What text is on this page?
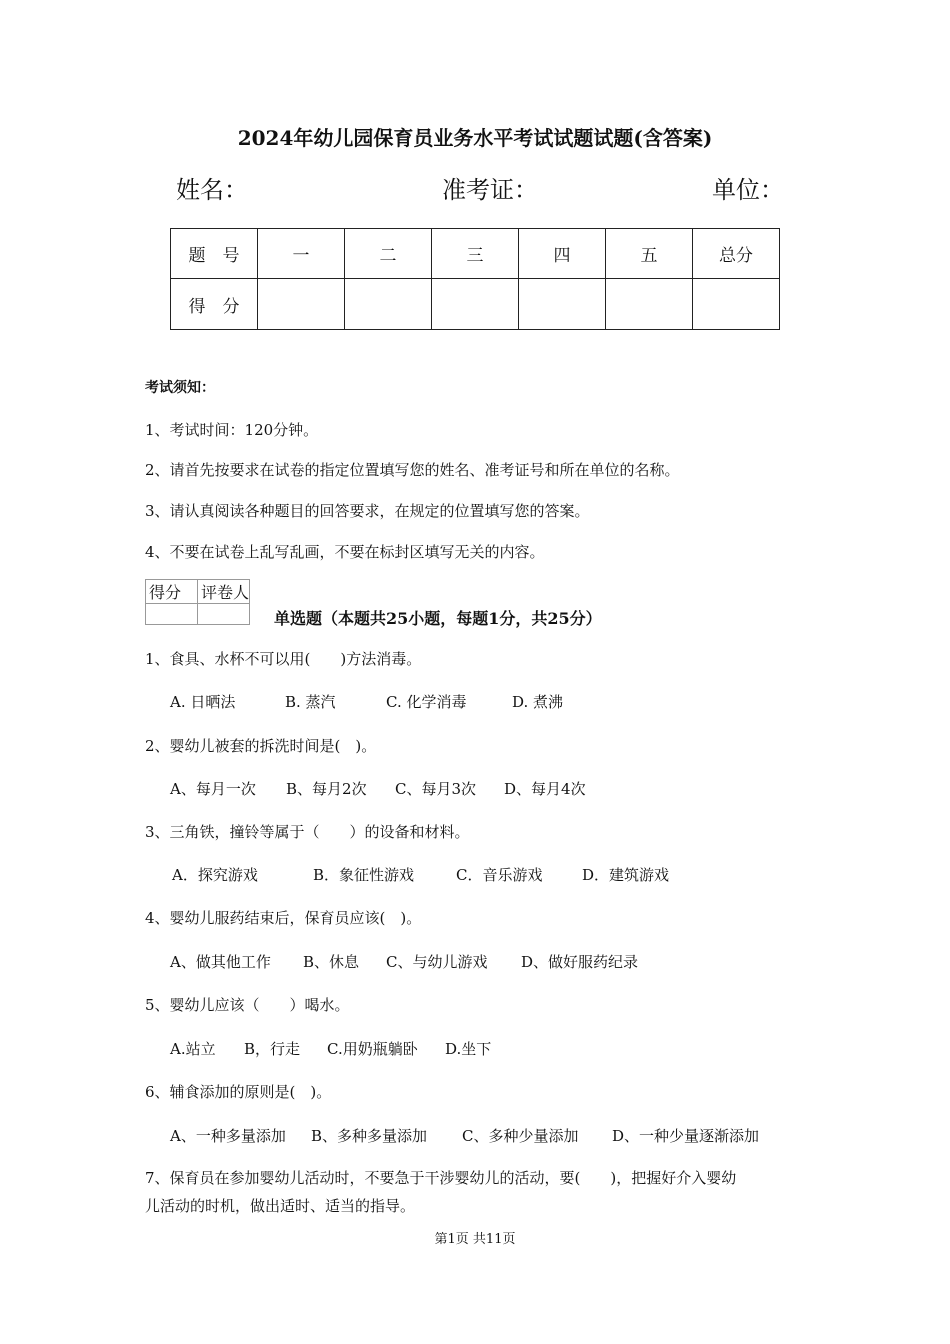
2024年幼儿园保育员业务水平考试试题试题(含答案)
姓名：	准考证：	单位：
题　号	一	二	三	四	五	总分
得　分						
考试须知：
1、考试时间：120分钟。
2、请首先按要求在试卷的指定位置填写您的姓名、准考证号和所在单位的名称。
3、请认真阅读各种题目的回答要求，在规定的位置填写您的答案。
4、不要在试卷上乱写乱画，不要在标封区填写无关的内容。
得分	评卷人

单选题（本题共25小题，每题1分，共25分）
1、食具、水杯不可以用(　　)方法消毒。
A. 日晒法	B. 蒸汽	C. 化学消毒	D. 煮沸
2、婴幼儿被套的拆洗时间是(　)。
A、每月一次 B、每月2次 C、每月3次 D、每月4次
3、三角铁，撞铃等属于（　　）的设备和材料。
A．探究游戏	B．象征性游戏	C．音乐游戏	D．建筑游戏
4、婴幼儿服药结束后，保育员应该(　)。
A、做其他工作 B、休息 C、与幼儿游戏 D、做好服药纪录
5、婴幼儿应该（　　）喝水。
A.站立 B，行走 C.用奶瓶躺卧 D.坐下
6、辅食添加的原则是(　)。
A、一种多量添加 B、多种多量添加 C、多种少量添加 D、一种少量逐渐添加
7、保育员在参加婴幼儿活动时，不要急于干涉婴幼儿的活动，要(　　)，把握好介入婴幼
儿活动的时机，做出适时、适当的指导。
第1页 共11页
